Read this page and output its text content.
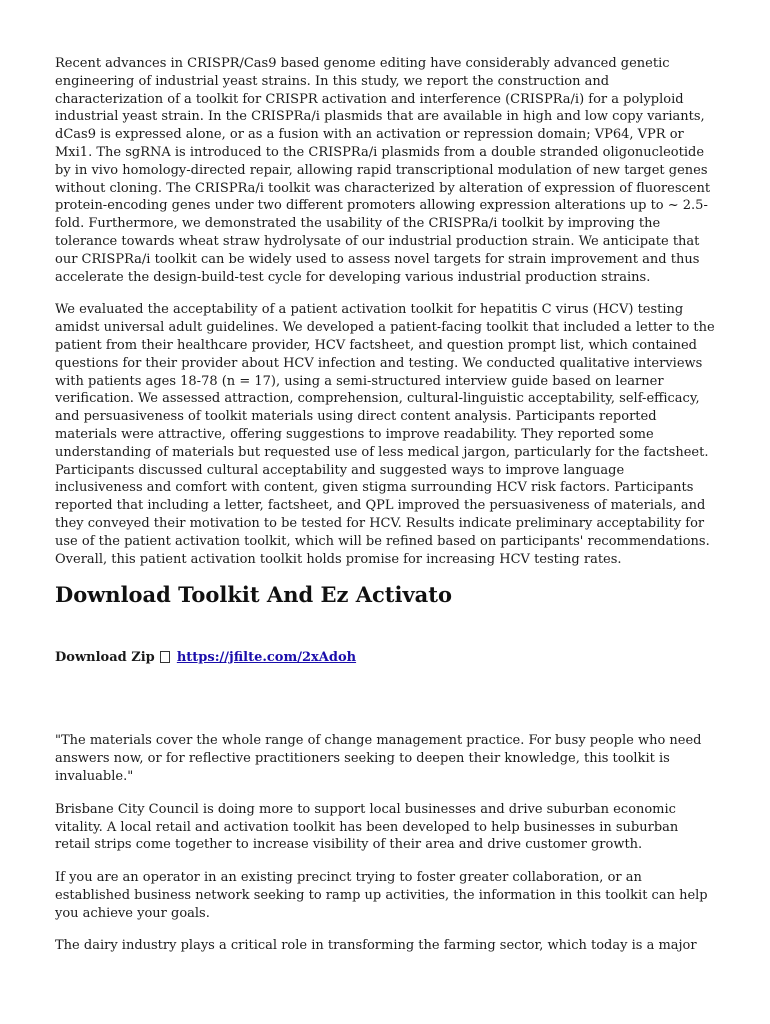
Recent advances in CRISPR/Cas9 based genome editing have considerably advanced genetic engineering of industrial yeast strains. In this study, we report the construction and characterization of a toolkit for CRISPR activation and interference (CRISPRa/i) for a polyploid industrial yeast strain. In the CRISPRa/i plasmids that are available in high and low copy variants, dCas9 is expressed alone, or as a fusion with an activation or repression domain; VP64, VPR or Mxi1. The sgRNA is introduced to the CRISPRa/i plasmids from a double stranded oligonucleotide by in vivo homology-directed repair, allowing rapid transcriptional modulation of new target genes without cloning. The CRISPRa/i toolkit was characterized by alteration of expression of fluorescent protein-encoding genes under two different promoters allowing expression alterations up to ~ 2.5-fold. Furthermore, we demonstrated the usability of the CRISPRa/i toolkit by improving the tolerance towards wheat straw hydrolysate of our industrial production strain. We anticipate that our CRISPRa/i toolkit can be widely used to assess novel targets for strain improvement and thus accelerate the design-build-test cycle for developing various industrial production strains.

We evaluated the acceptability of a patient activation toolkit for hepatitis C virus (HCV) testing amidst universal adult guidelines. We developed a patient-facing toolkit that included a letter to the patient from their healthcare provider, HCV factsheet, and question prompt list, which contained questions for their provider about HCV infection and testing. We conducted qualitative interviews with patients ages 18-78 (n = 17), using a semi-structured interview guide based on learner verification. We assessed attraction, comprehension, cultural-linguistic acceptability, self-efficacy, and persuasiveness of toolkit materials using direct content analysis. Participants reported materials were attractive, offering suggestions to improve readability. They reported some understanding of materials but requested use of less medical jargon, particularly for the factsheet. Participants discussed cultural acceptability and suggested ways to improve language inclusiveness and comfort with content, given stigma surrounding HCV risk factors. Participants reported that including a letter, factsheet, and QPL improved the persuasiveness of materials, and they conveyed their motivation to be tested for HCV. Results indicate preliminary acceptability for use of the patient activation toolkit, which will be refined based on participants' recommendations. Overall, this patient activation toolkit holds promise for increasing HCV testing rates.

Download Toolkit And Ez Activato
Download Zip https://jfilte.com/2xAdoh

"The materials cover the whole range of change management practice. For busy people who need answers now, or for reflective practitioners seeking to deepen their knowledge, this toolkit is invaluable."

Brisbane City Council is doing more to support local businesses and drive suburban economic vitality. A local retail and activation toolkit has been developed to help businesses in suburban retail strips come together to increase visibility of their area and drive customer growth.

If you are an operator in an existing precinct trying to foster greater collaboration, or an established business network seeking to ramp up activities, the information in this toolkit can help you achieve your goals.

The dairy industry plays a critical role in transforming the farming sector, which today is a major
